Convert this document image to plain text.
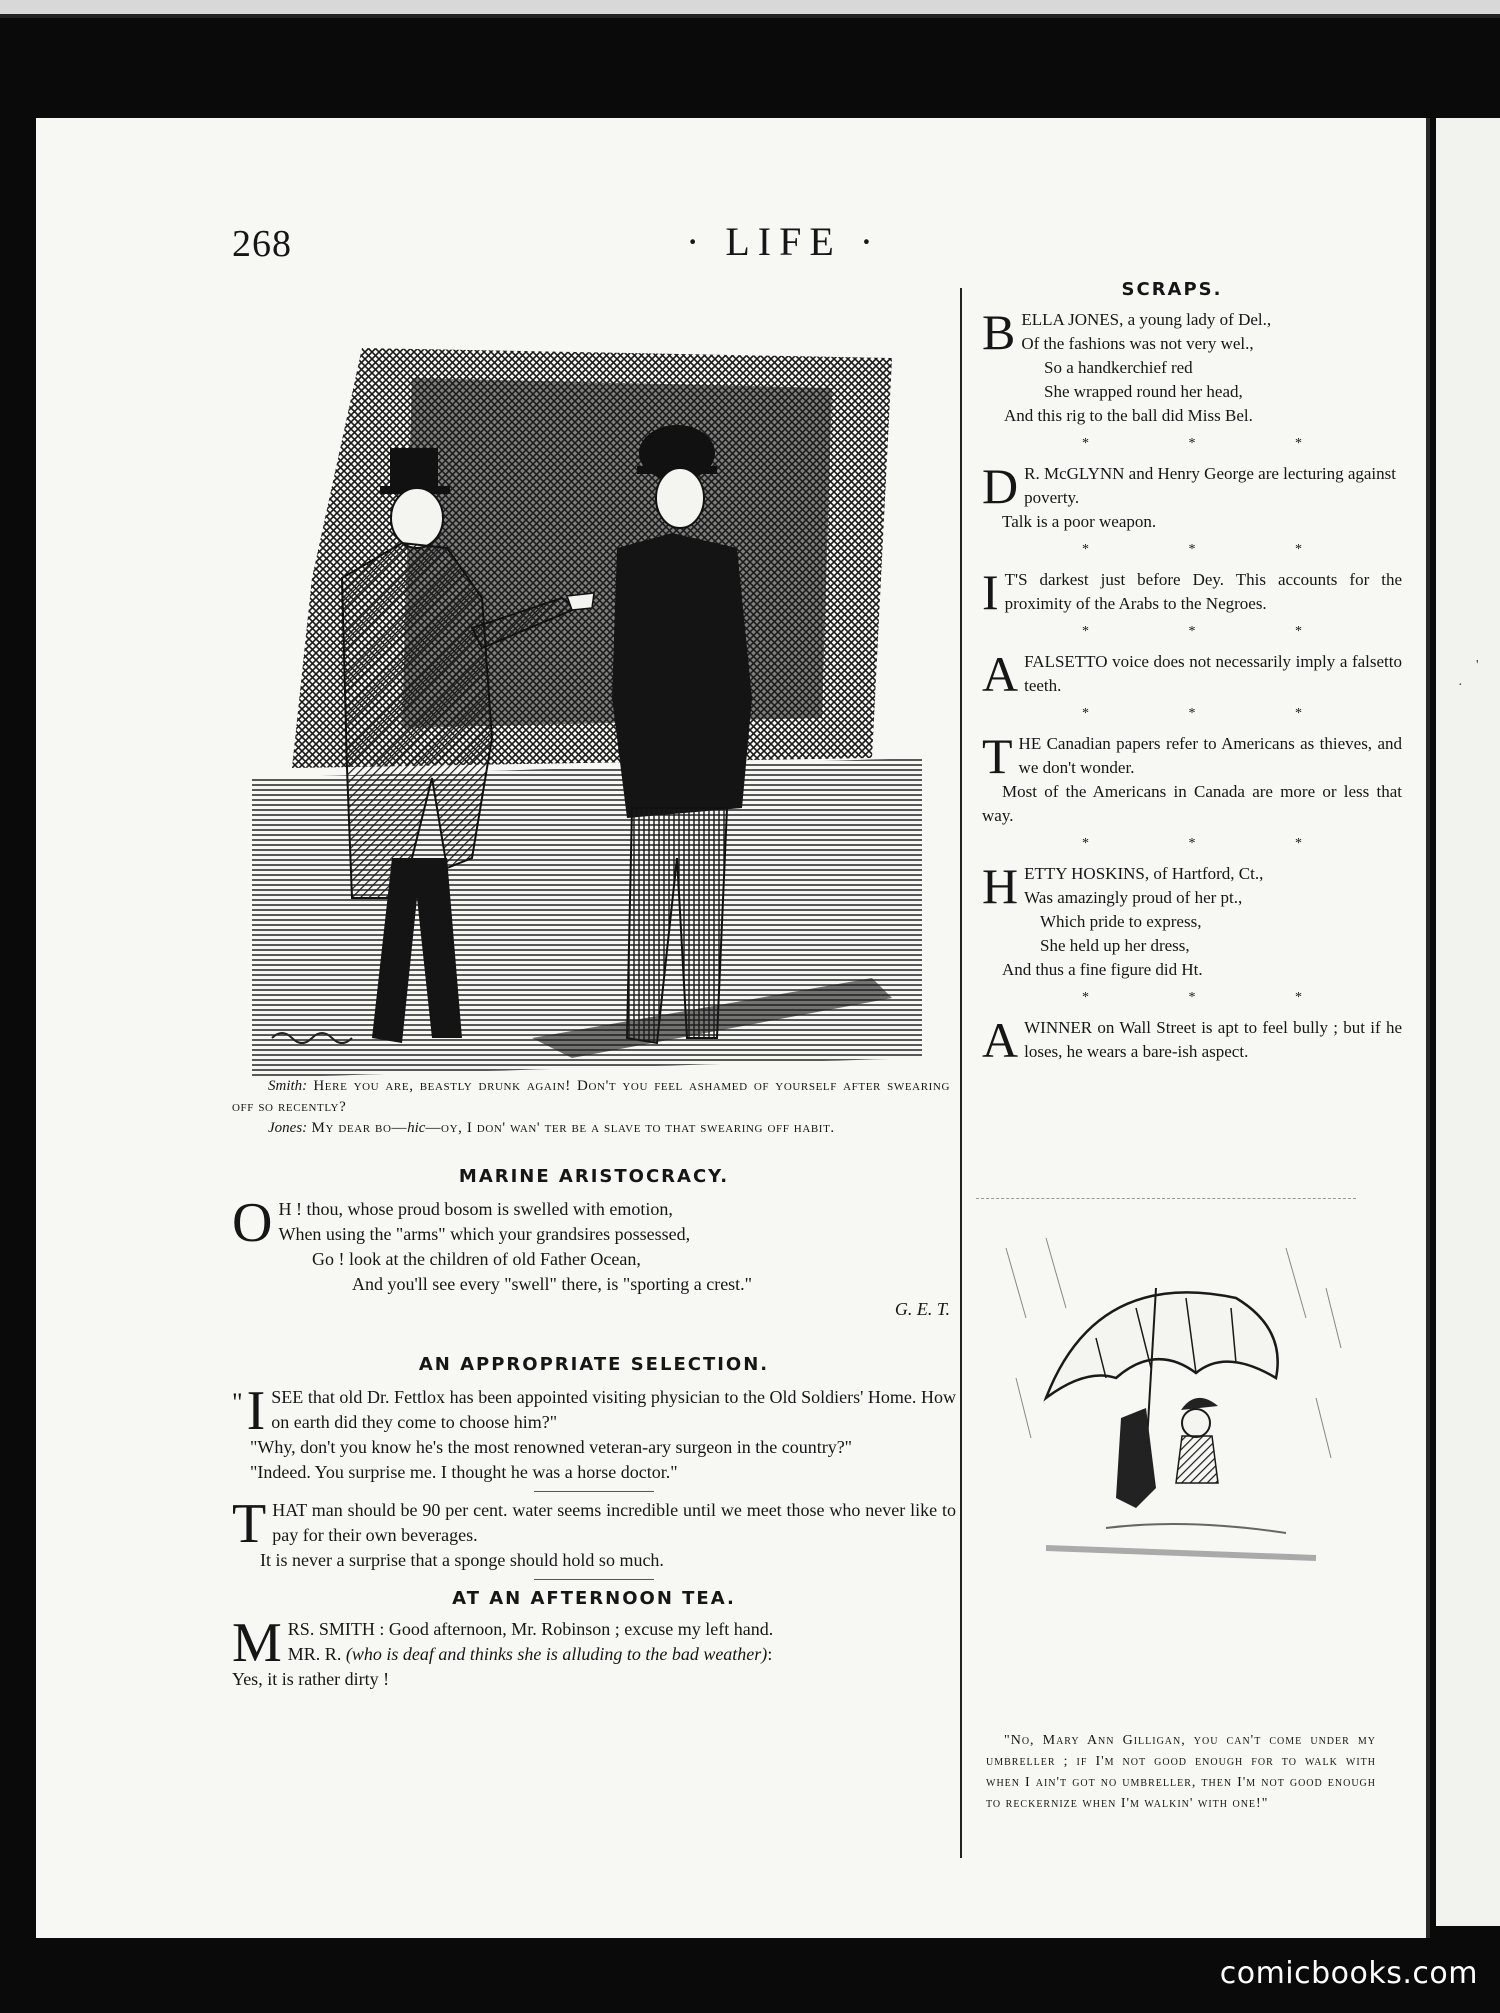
·
'
268	· LIFE ·

Smith: Here you are, beastly drunk again! Don't you feel ashamed of yourself after swearing off so recently?

Jones: My dear bo—hic—oy, I don' wan' ter be a slave to that swearing off habit.

MARINE ARISTOCRACY.
O H ! thou, whose proud bosom is swelled with emotion,
When using the "arms" which your grandsires possessed,
Go ! look at the children of old Father Ocean,
And you'll see every "swell" there, is "sporting a crest."
G. E. T.
AN APPROPRIATE SELECTION.
" I SEE that old Dr. Fettlox has been appointed visiting physician to the Old Soldiers' Home. How on earth did they come to choose him?"

"Why, don't you know he's the most renowned veteran-ary surgeon in the country?"

"Indeed. You surprise me. I thought he was a horse doctor."

T HAT man should be 90 per cent. water seems incredible until we meet those who never like to pay for their own beverages.

It is never a surprise that a sponge should hold so much.

AT AN AFTERNOON TEA.
M RS. SMITH : Good afternoon, Mr. Robinson ; excuse my left hand.

MR. R. (who is deaf and thinks she is alluding to the bad weather):

Yes, it is rather dirty !

SCRAPS.
B ELLA JONES, a young lady of Del.,
Of the fashions was not very wel.,
So a handkerchief red
She wrapped round her head,
And this rig to the ball did Miss Bel.
* * *
D R. McGLYNN and Henry George are lecturing against poverty.

Talk is a poor weapon.

* * *
I T'S darkest just before Dey. This accounts for the proximity of the Arabs to the Negroes.

* * *
A FALSETTO voice does not necessarily imply a falsetto teeth.

* * *
T HE Canadian papers refer to Americans as thieves, and we don't wonder.

Most of the Americans in Canada are more or less that way.

* * *
H ETTY HOSKINS, of Hartford, Ct.,
Was amazingly proud of her pt.,
Which pride to express,
She held up her dress,
And thus a fine figure did Ht.
* * *
A WINNER on Wall Street is apt to feel bully ; but if he loses, he wears a bare-ish aspect.

"No, Mary Ann Gilligan, you can't come under my umbreller ; if I'm not good enough for to walk with when I ain't got no umbreller, then I'm not good enough to reckernize when I'm walkin' with one!"

comicbooks.com
